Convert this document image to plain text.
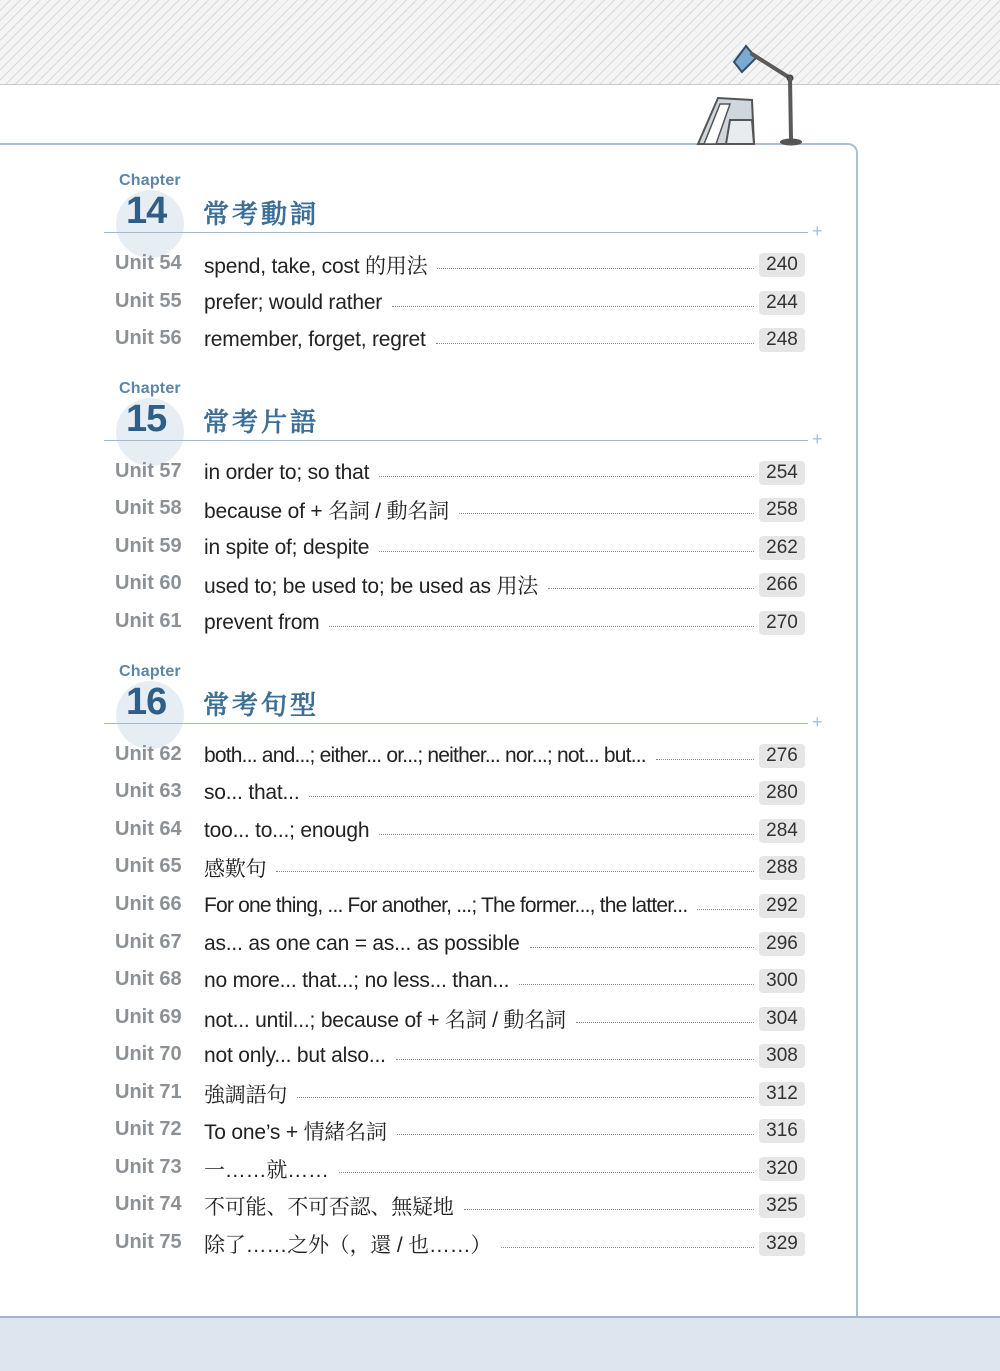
Chapter
14 常考動詞
+
Unit 54 spend, take, cost 的用法	240
Unit 55 prefer; would rather	244
Unit 56 remember, forget, regret	248
Chapter
15 常考片語
+
Unit 57 in order to; so that	254
Unit 58 because of + 名詞 / 動名詞	258
Unit 59 in spite of; despite	262
Unit 60 used to; be used to; be used as 用法	266
Unit 61 prevent from	270
Chapter
16 常考句型
+
Unit 62 both... and...; either... or...; neither... nor...; not... but...	276
Unit 63 so... that...	280
Unit 64 too... to...; enough	284
Unit 65 感歎句	288
Unit 66 For one thing, ... For another, ...; The former..., the latter...	292
Unit 67 as... as one can = as... as possible	296
Unit 68 no more... that...; no less... than...	300
Unit 69 not... until...; because of + 名詞 / 動名詞	304
Unit 70 not only... but also...	308
Unit 71 強調語句	312
Unit 72 To one’s + 情緒名詞	316
Unit 73 一……就……	320
Unit 74 不可能、不可否認、無疑地	325
Unit 75 除了……之外（，還 / 也……）	329
